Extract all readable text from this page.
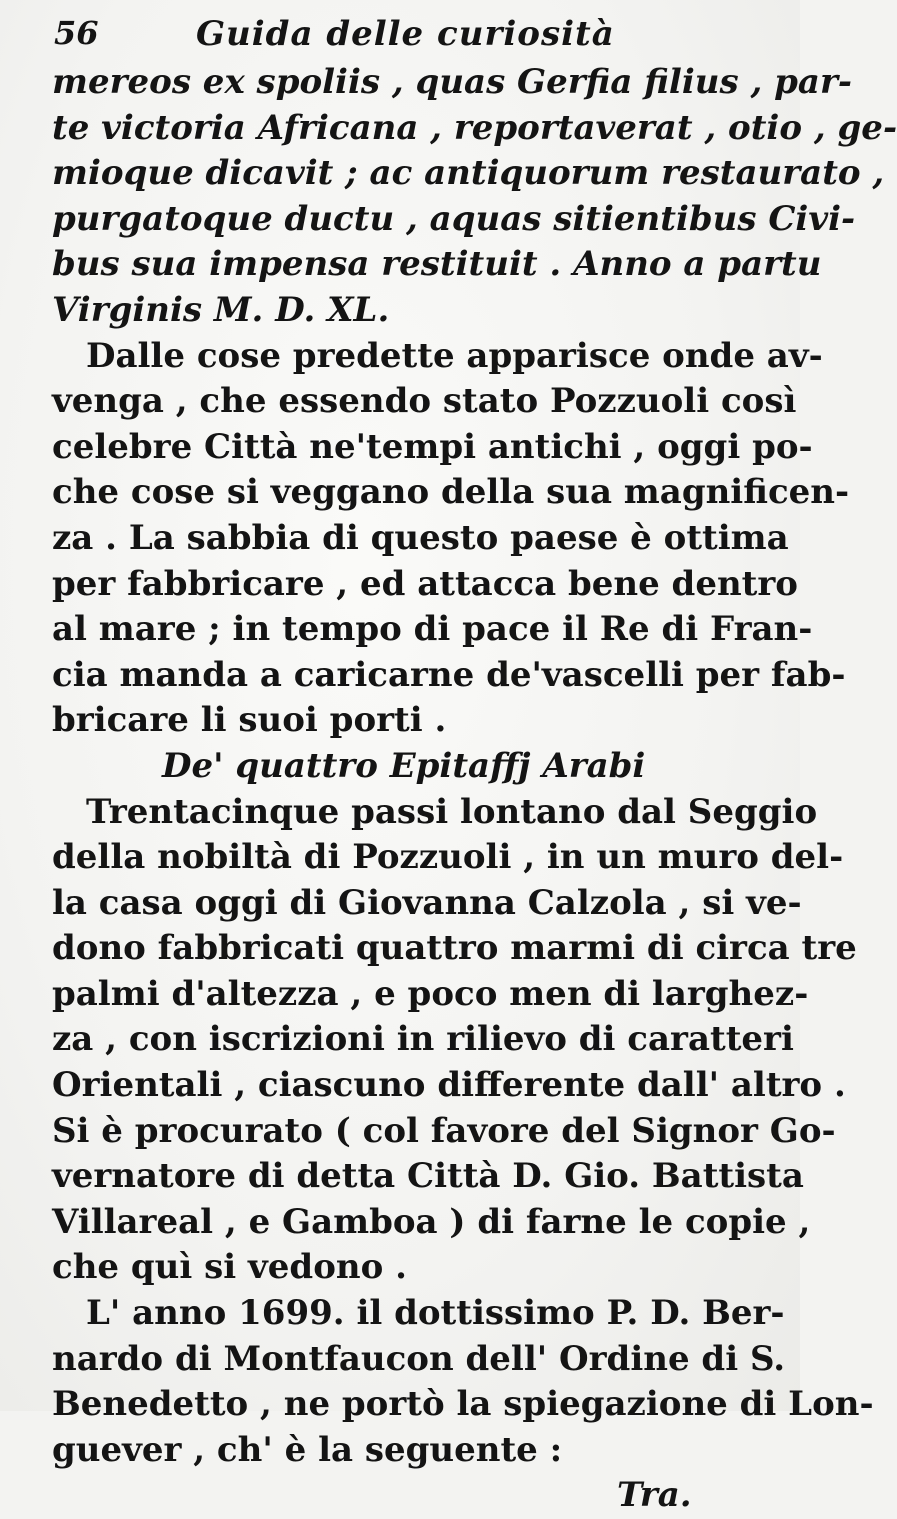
56	Guida delle curiosità
mereos ex spoliis , quas Gerfia filius , par-
te victoria Africana , reportaverat , otio , ge-
mioque dicavit ; ac antiquorum restaurato ,
purgatoque ductu , aquas sitientibus Civi-
bus sua impensa restituit . Anno a partu
Virginis M. D. XL.
Dalle cose predette apparisce onde av-
venga , che essendo stato Pozzuoli così
celebre Città ne'tempi antichi , oggi po-
che cose si veggano della sua magnificen-
za . La sabbia di questo paese è ottima
per fabbricare , ed attacca bene dentro
al mare ; in tempo di pace il Re di Fran-
cia manda a caricarne de'vascelli per fab-
bricare li suoi porti .
De' quattro Epitaffj Arabi
Trentacinque passi lontano dal Seggio
della nobiltà di Pozzuoli , in un muro del-
la casa oggi di Giovanna Calzola , si ve-
dono fabbricati quattro marmi di circa tre
palmi d'altezza , e poco men di larghez-
za , con iscrizioni in rilievo di caratteri
Orientali , ciascuno differente dall' altro .
Si è procurato ( col favore del Signor Go-
vernatore di detta Città D. Gio. Battista
Villareal , e Gamboa ) di farne le copie ,
che quì si vedono .
L' anno 1699. il dottissimo P. D. Ber-
nardo di Montfaucon dell' Ordine di S.
Benedetto , ne portò la spiegazione di Lon-
guever , ch' è la seguente :
Tra.
